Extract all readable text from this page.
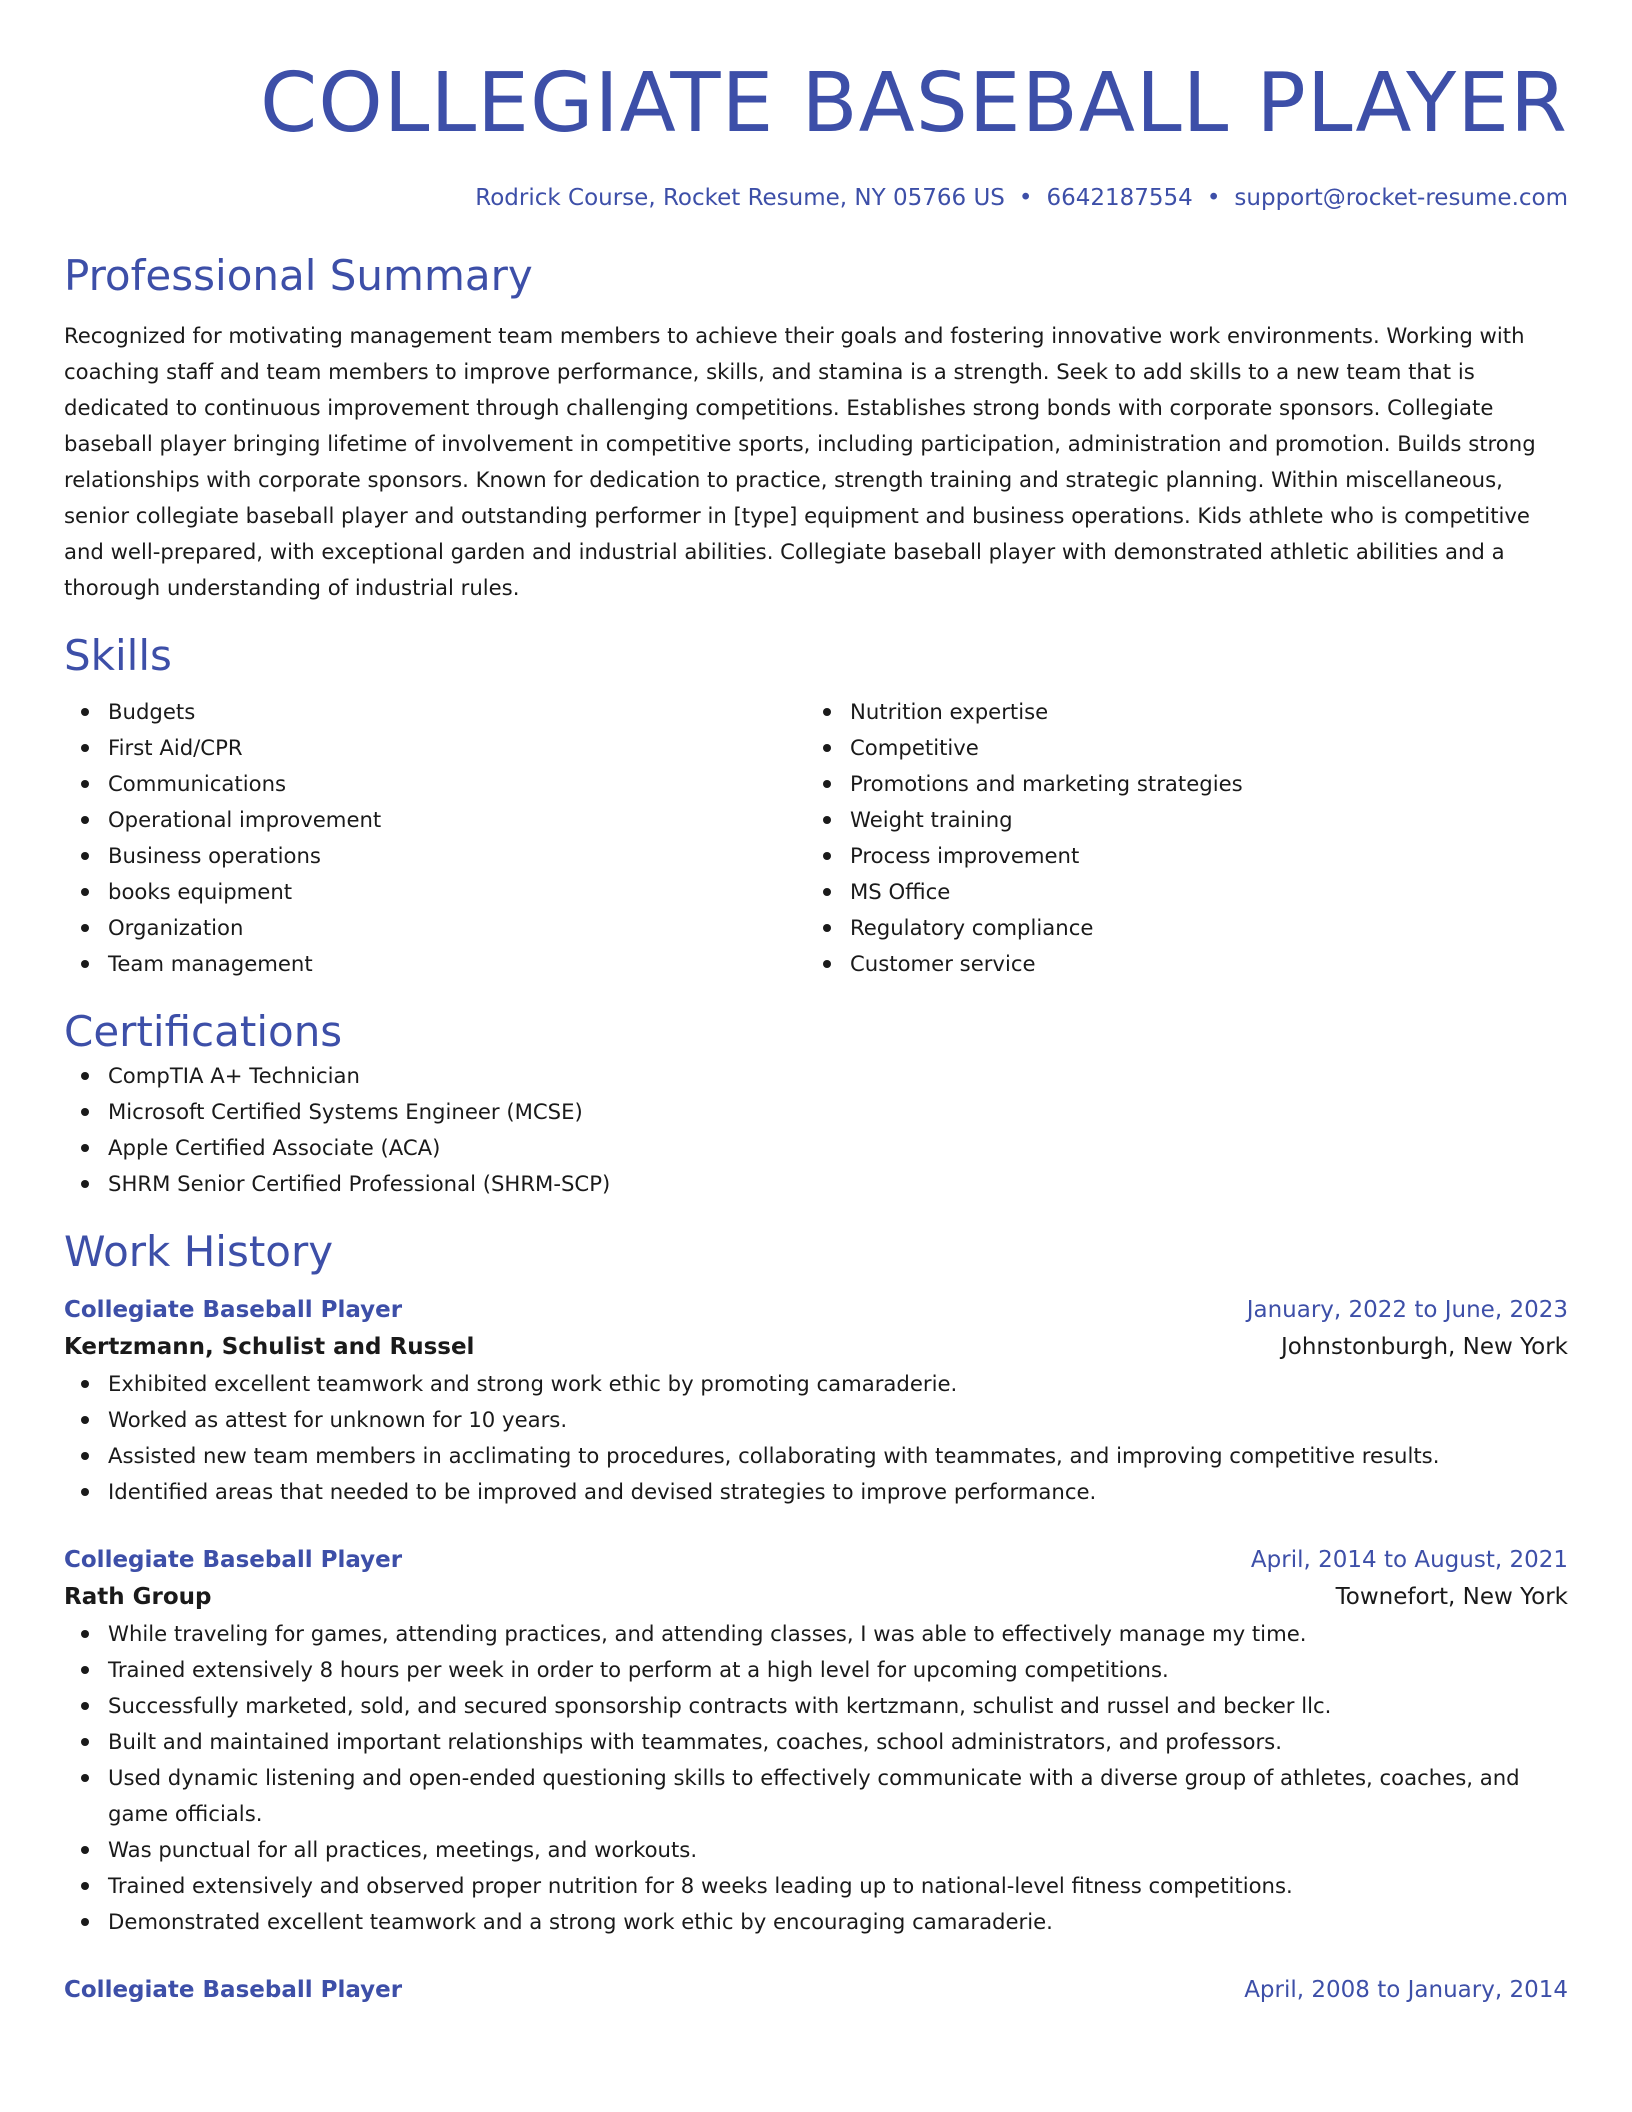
COLLEGIATE BASEBALL PLAYER
Rodrick Course, Rocket Resume, NY 05766 US • 6642187554 • support@rocket-resume.com
Professional Summary
Recognized for motivating management team members to achieve their goals and fostering innovative work environments. Working with coaching staff and team members to improve performance, skills, and stamina is a strength. Seek to add skills to a new team that is dedicated to continuous improvement through challenging competitions. Establishes strong bonds with corporate sponsors. Collegiate baseball player bringing lifetime of involvement in competitive sports, including participation, administration and promotion. Builds strong relationships with corporate sponsors. Known for dedication to practice, strength training and strategic planning. Within miscellaneous, senior collegiate baseball player and outstanding performer in [type] equipment and business operations. Kids athlete who is competitive and well-prepared, with exceptional garden and industrial abilities. Collegiate baseball player with demonstrated athletic abilities and a thorough understanding of industrial rules.
Skills
Budgets
First Aid/CPR
Communications
Operational improvement
Business operations
books equipment
Organization
Team management
Nutrition expertise
Competitive
Promotions and marketing strategies
Weight training
Process improvement
MS Office
Regulatory compliance
Customer service
Certifications
CompTIA A+ Technician
Microsoft Certified Systems Engineer (MCSE)
Apple Certified Associate (ACA)
SHRM Senior Certified Professional (SHRM-SCP)
Work History
Collegiate Baseball Player	January, 2022 to June, 2023
Kertzmann, Schulist and Russel	Johnstonburgh, New York
Exhibited excellent teamwork and strong work ethic by promoting camaraderie.
Worked as attest for unknown for 10 years.
Assisted new team members in acclimating to procedures, collaborating with teammates, and improving competitive results.
Identified areas that needed to be improved and devised strategies to improve performance.
Collegiate Baseball Player	April, 2014 to August, 2021
Rath Group	Townefort, New York
While traveling for games, attending practices, and attending classes, I was able to effectively manage my time.
Trained extensively 8 hours per week in order to perform at a high level for upcoming competitions.
Successfully marketed, sold, and secured sponsorship contracts with kertzmann, schulist and russel and becker llc.
Built and maintained important relationships with teammates, coaches, school administrators, and professors.
Used dynamic listening and open-ended questioning skills to effectively communicate with a diverse group of athletes, coaches, and game officials.
Was punctual for all practices, meetings, and workouts.
Trained extensively and observed proper nutrition for 8 weeks leading up to national-level fitness competitions.
Demonstrated excellent teamwork and a strong work ethic by encouraging camaraderie.
Collegiate Baseball Player	April, 2008 to January, 2014
